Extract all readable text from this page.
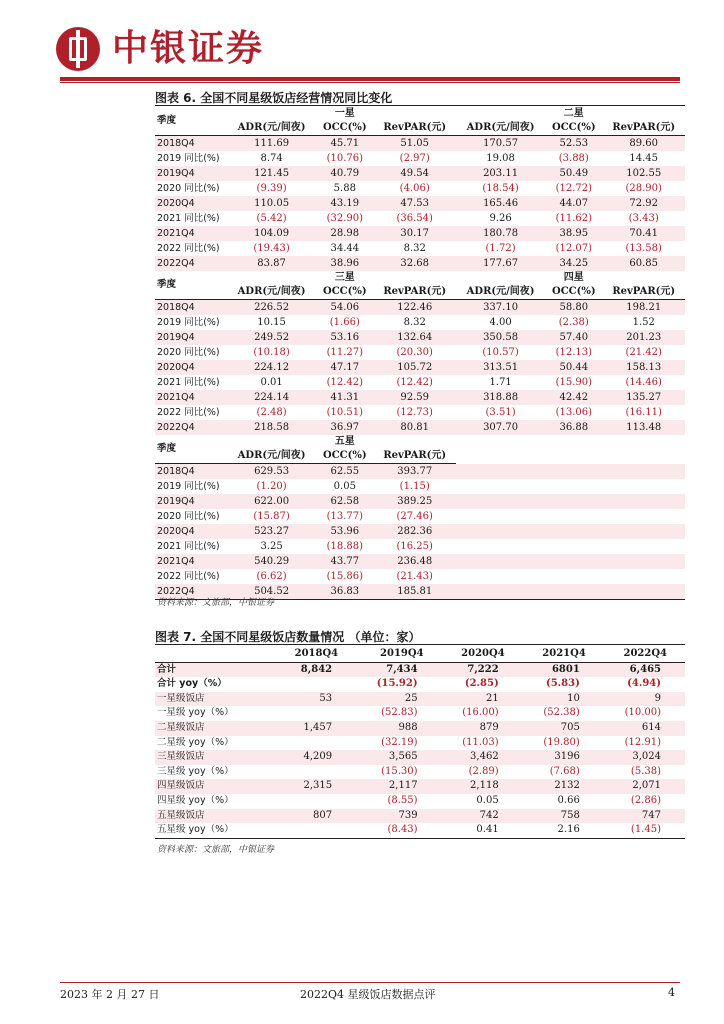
中银证券
图表 6. 全国不同星级饭店经营情况同比变化
季度		一星			二星	
	ADR(元/间夜)	OCC(%)	RevPAR(元)	ADR(元/间夜)	OCC(%)	RevPAR(元)
2018Q4	111.69	45.71	51.05	170.57	52.53	89.60
2019 同比(%)	8.74	(10.76)	(2.97)	19.08	(3.88)	14.45
2019Q4	121.45	40.79	49.54	203.11	50.49	102.55
2020 同比(%)	(9.39)	5.88	(4.06)	(18.54)	(12.72)	(28.90)
2020Q4	110.05	43.19	47.53	165.46	44.07	72.92
2021 同比(%)	(5.42)	(32.90)	(36.54)	9.26	(11.62)	(3.43)
2021Q4	104.09	28.98	30.17	180.78	38.95	70.41
2022 同比(%)	(19.43)	34.44	8.32	(1.72)	(12.07)	(13.58)
2022Q4	83.87	38.96	32.68	177.67	34.25	60.85
季度		三星			四星	
	ADR(元/间夜)	OCC(%)	RevPAR(元)	ADR(元/间夜)	OCC(%)	RevPAR(元)
2018Q4	226.52	54.06	122.46	337.10	58.80	198.21
2019 同比(%)	10.15	(1.66)	8.32	4.00	(2.38)	1.52
2019Q4	249.52	53.16	132.64	350.58	57.40	201.23
2020 同比(%)	(10.18)	(11.27)	(20.30)	(10.57)	(12.13)	(21.42)
2020Q4	224.12	47.17	105.72	313.51	50.44	158.13
2021 同比(%)	0.01	(12.42)	(12.42)	1.71	(15.90)	(14.46)
2021Q4	224.14	41.31	92.59	318.88	42.42	135.27
2022 同比(%)	(2.48)	(10.51)	(12.73)	(3.51)	(13.06)	(16.11)
2022Q4	218.58	36.97	80.81	307.70	36.88	113.48
季度		五星				
	ADR(元/间夜)	OCC(%)	RevPAR(元)			
2018Q4	629.53	62.55	393.77			
2019 同比(%)	(1.20)	0.05	(1.15)			
2019Q4	622.00	62.58	389.25			
2020 同比(%)	(15.87)	(13.77)	(27.46)			
2020Q4	523.27	53.96	282.36			
2021 同比(%)	3.25	(18.88)	(16.25)			
2021Q4	540.29	43.77	236.48			
2022 同比(%)	(6.62)	(15.86)	(21.43)			
2022Q4	504.52	36.83	185.81			
资料来源：文旅部，中银证券
图表 7. 全国不同星级饭店数量情况 （单位：家）
	2018Q4	2019Q4	2020Q4	2021Q4	2022Q4
合计	8,842	7,434	7,222	6801	6,465
合计 yoy（%）		(15.92)	(2.85)	(5.83)	(4.94)
一星级饭店	53	25	21	10	9
一星级 yoy（%）		(52.83)	(16.00)	(52.38)	(10.00)
二星级饭店	1,457	988	879	705	614
二星级 yoy（%）		(32.19)	(11.03)	(19.80)	(12.91)
三星级饭店	4,209	3,565	3,462	3196	3,024
三星级 yoy（%）		(15.30)	(2.89)	(7.68)	(5.38)
四星级饭店	2,315	2,117	2,118	2132	2,071
四星级 yoy（%）		(8.55)	0.05	0.66	(2.86)
五星级饭店	807	739	742	758	747
五星级 yoy（%）		(8.43)	0.41	2.16	(1.45)
资料来源：文旅部，中银证券
2023 年 2 月 27 日	2022Q4 星级饭店数据点评	4
